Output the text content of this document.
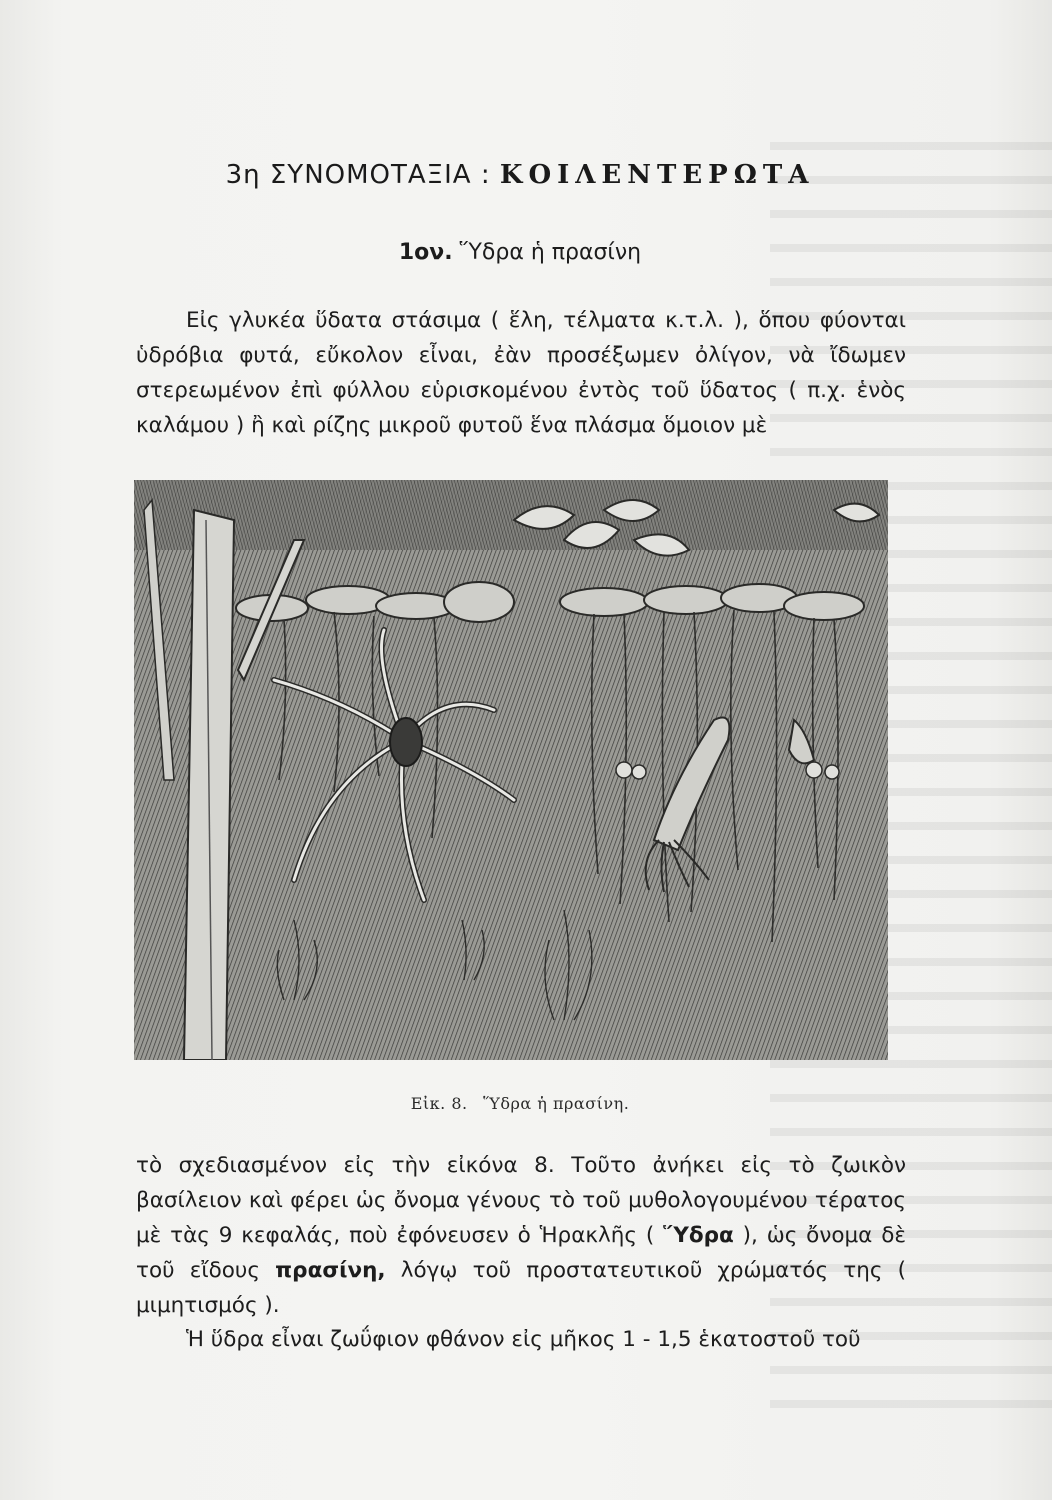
3η ΣΥΝΟΜΟΤΑΞΙΑ : ΚΟΙΛΕΝΤΕΡΩΤΑ
1ον. Ὕδρα ἡ πρασίνη

Εἰς γλυκέα ὕδατα στάσιμα ( ἕλη, τέλματα κ.τ.λ. ), ὅπου φύονται ὑδρόβια φυτά, εὔκολον εἶναι, ἐὰν προσέξωμεν ὀλίγον, νὰ ἴδωμεν στερεωμένον ἐπὶ φύλλου εὑρισκομένου ἐντὸς τοῦ ὕδατος ( π.χ. ἑνὸς καλάμου ) ἢ καὶ ρίζης μικροῦ φυτοῦ ἕνα πλάσμα ὅμοιον μὲ

Εἰκ. 8. Ὕδρα ἡ πρασίνη.

τὸ σχεδιασμένον εἰς τὴν εἰκόνα 8. Τοῦτο ἀνήκει εἰς τὸ ζωικὸν βασίλειον καὶ φέρει ὡς ὄνομα γένους τὸ τοῦ μυθολογουμένου τέρατος μὲ τὰς 9 κεφαλάς, ποὺ ἐφόνευσεν ὁ Ἡρακλῆς ( Ὕδρα ), ὡς ὄνομα δὲ τοῦ εἴδους πρασίνη, λόγῳ τοῦ προστατευτικοῦ χρώματός της ( μιμητισμός ).

Ἡ ὕδρα εἶναι ζωΰφιον φθάνον εἰς μῆκος 1 - 1,5 ἑκατοστοῦ τοῦ
